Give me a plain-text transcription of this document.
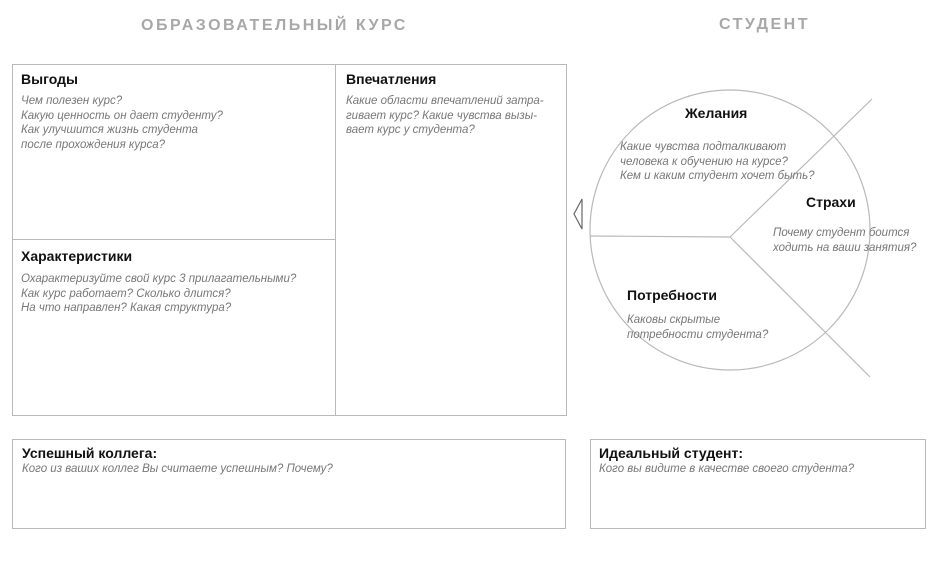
ОБРАЗОВАТЕЛЬНЫЙ КУРС	СТУДЕНТ
Выгоды
Чем полезен курс?
Какую ценность он дает студенту?
Как улучшится жизнь студента
после прохождения курса?
Впечатления
Какие области впечатлений затра-
гивает курс? Какие чувства вызы-
вает курс у студента?
Характеристики
Охарактеризуйте свой курс 3 прилагательными?
Как курс работает? Сколько длится?
На что направлен? Какая структура?
Желания
Какие чувства подталкивают
человека к обучению на курсе?
Кем и каким студент хочет быть?
Страхи
Почему студент боится
ходить на ваши занятия?
Потребности
Каковы скрытые
потребности студента?
Успешный коллега:
Кого из ваших коллег Вы считаете успешным? Почему?
Идеальный студент:
Кого вы видите в качестве своего студента?
